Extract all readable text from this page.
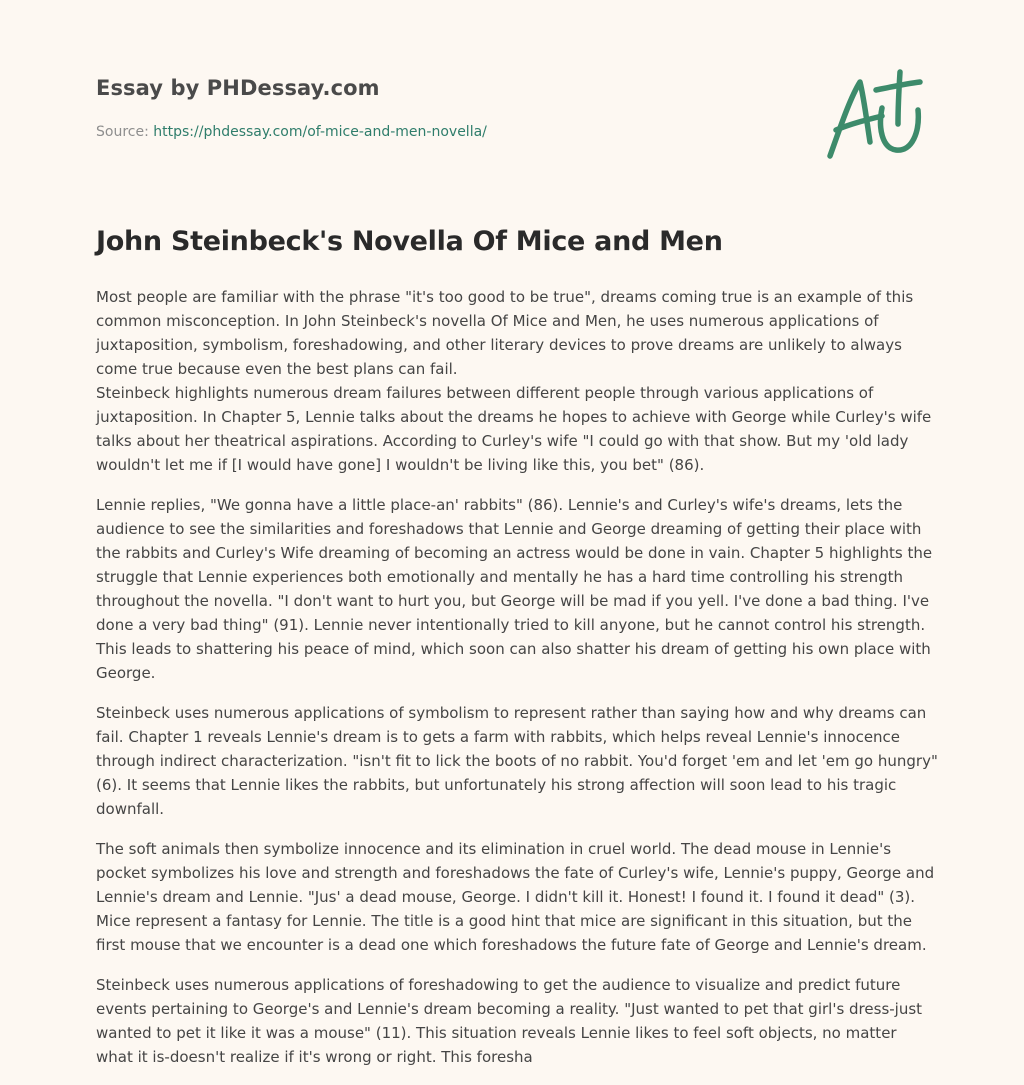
Essay by PHDessay.com
Source: https://phdessay.com/of-mice-and-men-novella/
John Steinbeck's Novella Of Mice and Men

Most people are familiar with the phrase "it's too good to be true", dreams coming true is an example of this common misconception. In John Steinbeck's novella Of Mice and Men, he uses numerous applications of juxtaposition, symbolism, foreshadowing, and other literary devices to prove dreams are unlikely to always come true because even the best plans can fail.

Steinbeck highlights numerous dream failures between different people through various applications of juxtaposition. In Chapter 5, Lennie talks about the dreams he hopes to achieve with George while Curley's wife talks about her theatrical aspirations. According to Curley's wife "I could go with that show. But my 'old lady wouldn't let me if [I would have gone] I wouldn't be living like this, you bet" (86).

Lennie replies, "We gonna have a little place-an' rabbits" (86). Lennie's and Curley's wife's dreams, lets the audience to see the similarities and foreshadows that Lennie and George dreaming of getting their place with the rabbits and Curley's Wife dreaming of becoming an actress would be done in vain. Chapter 5 highlights the struggle that Lennie experiences both emotionally and mentally he has a hard time controlling his strength throughout the novella. "I don't want to hurt you, but George will be mad if you yell. I've done a bad thing. I've done a very bad thing" (91). Lennie never intentionally tried to kill anyone, but he cannot control his strength. This leads to shattering his peace of mind, which soon can also shatter his dream of getting his own place with George.

Steinbeck uses numerous applications of symbolism to represent rather than saying how and why dreams can fail. Chapter 1 reveals Lennie's dream is to gets a farm with rabbits, which helps reveal Lennie's innocence through indirect characterization. "isn't fit to lick the boots of no rabbit. You'd forget 'em and let 'em go hungry" (6). It seems that Lennie likes the rabbits, but unfortunately his strong affection will soon lead to his tragic downfall.

The soft animals then symbolize innocence and its elimination in cruel world. The dead mouse in Lennie's pocket symbolizes his love and strength and foreshadows the fate of Curley's wife, Lennie's puppy, George and Lennie's dream and Lennie. "Jus' a dead mouse, George. I didn't kill it. Honest! I found it. I found it dead" (3). Mice represent a fantasy for Lennie. The title is a good hint that mice are significant in this situation, but the first mouse that we encounter is a dead one which foreshadows the future fate of George and Lennie's dream.

Steinbeck uses numerous applications of foreshadowing to get the audience to visualize and predict future events pertaining to George's and Lennie's dream becoming a reality. "Just wanted to pet that girl's dress-just wanted to pet it like it was a mouse" (11). This situation reveals Lennie likes to feel soft objects, no matter what it is-doesn't realize if it's wrong or right. This foresha
